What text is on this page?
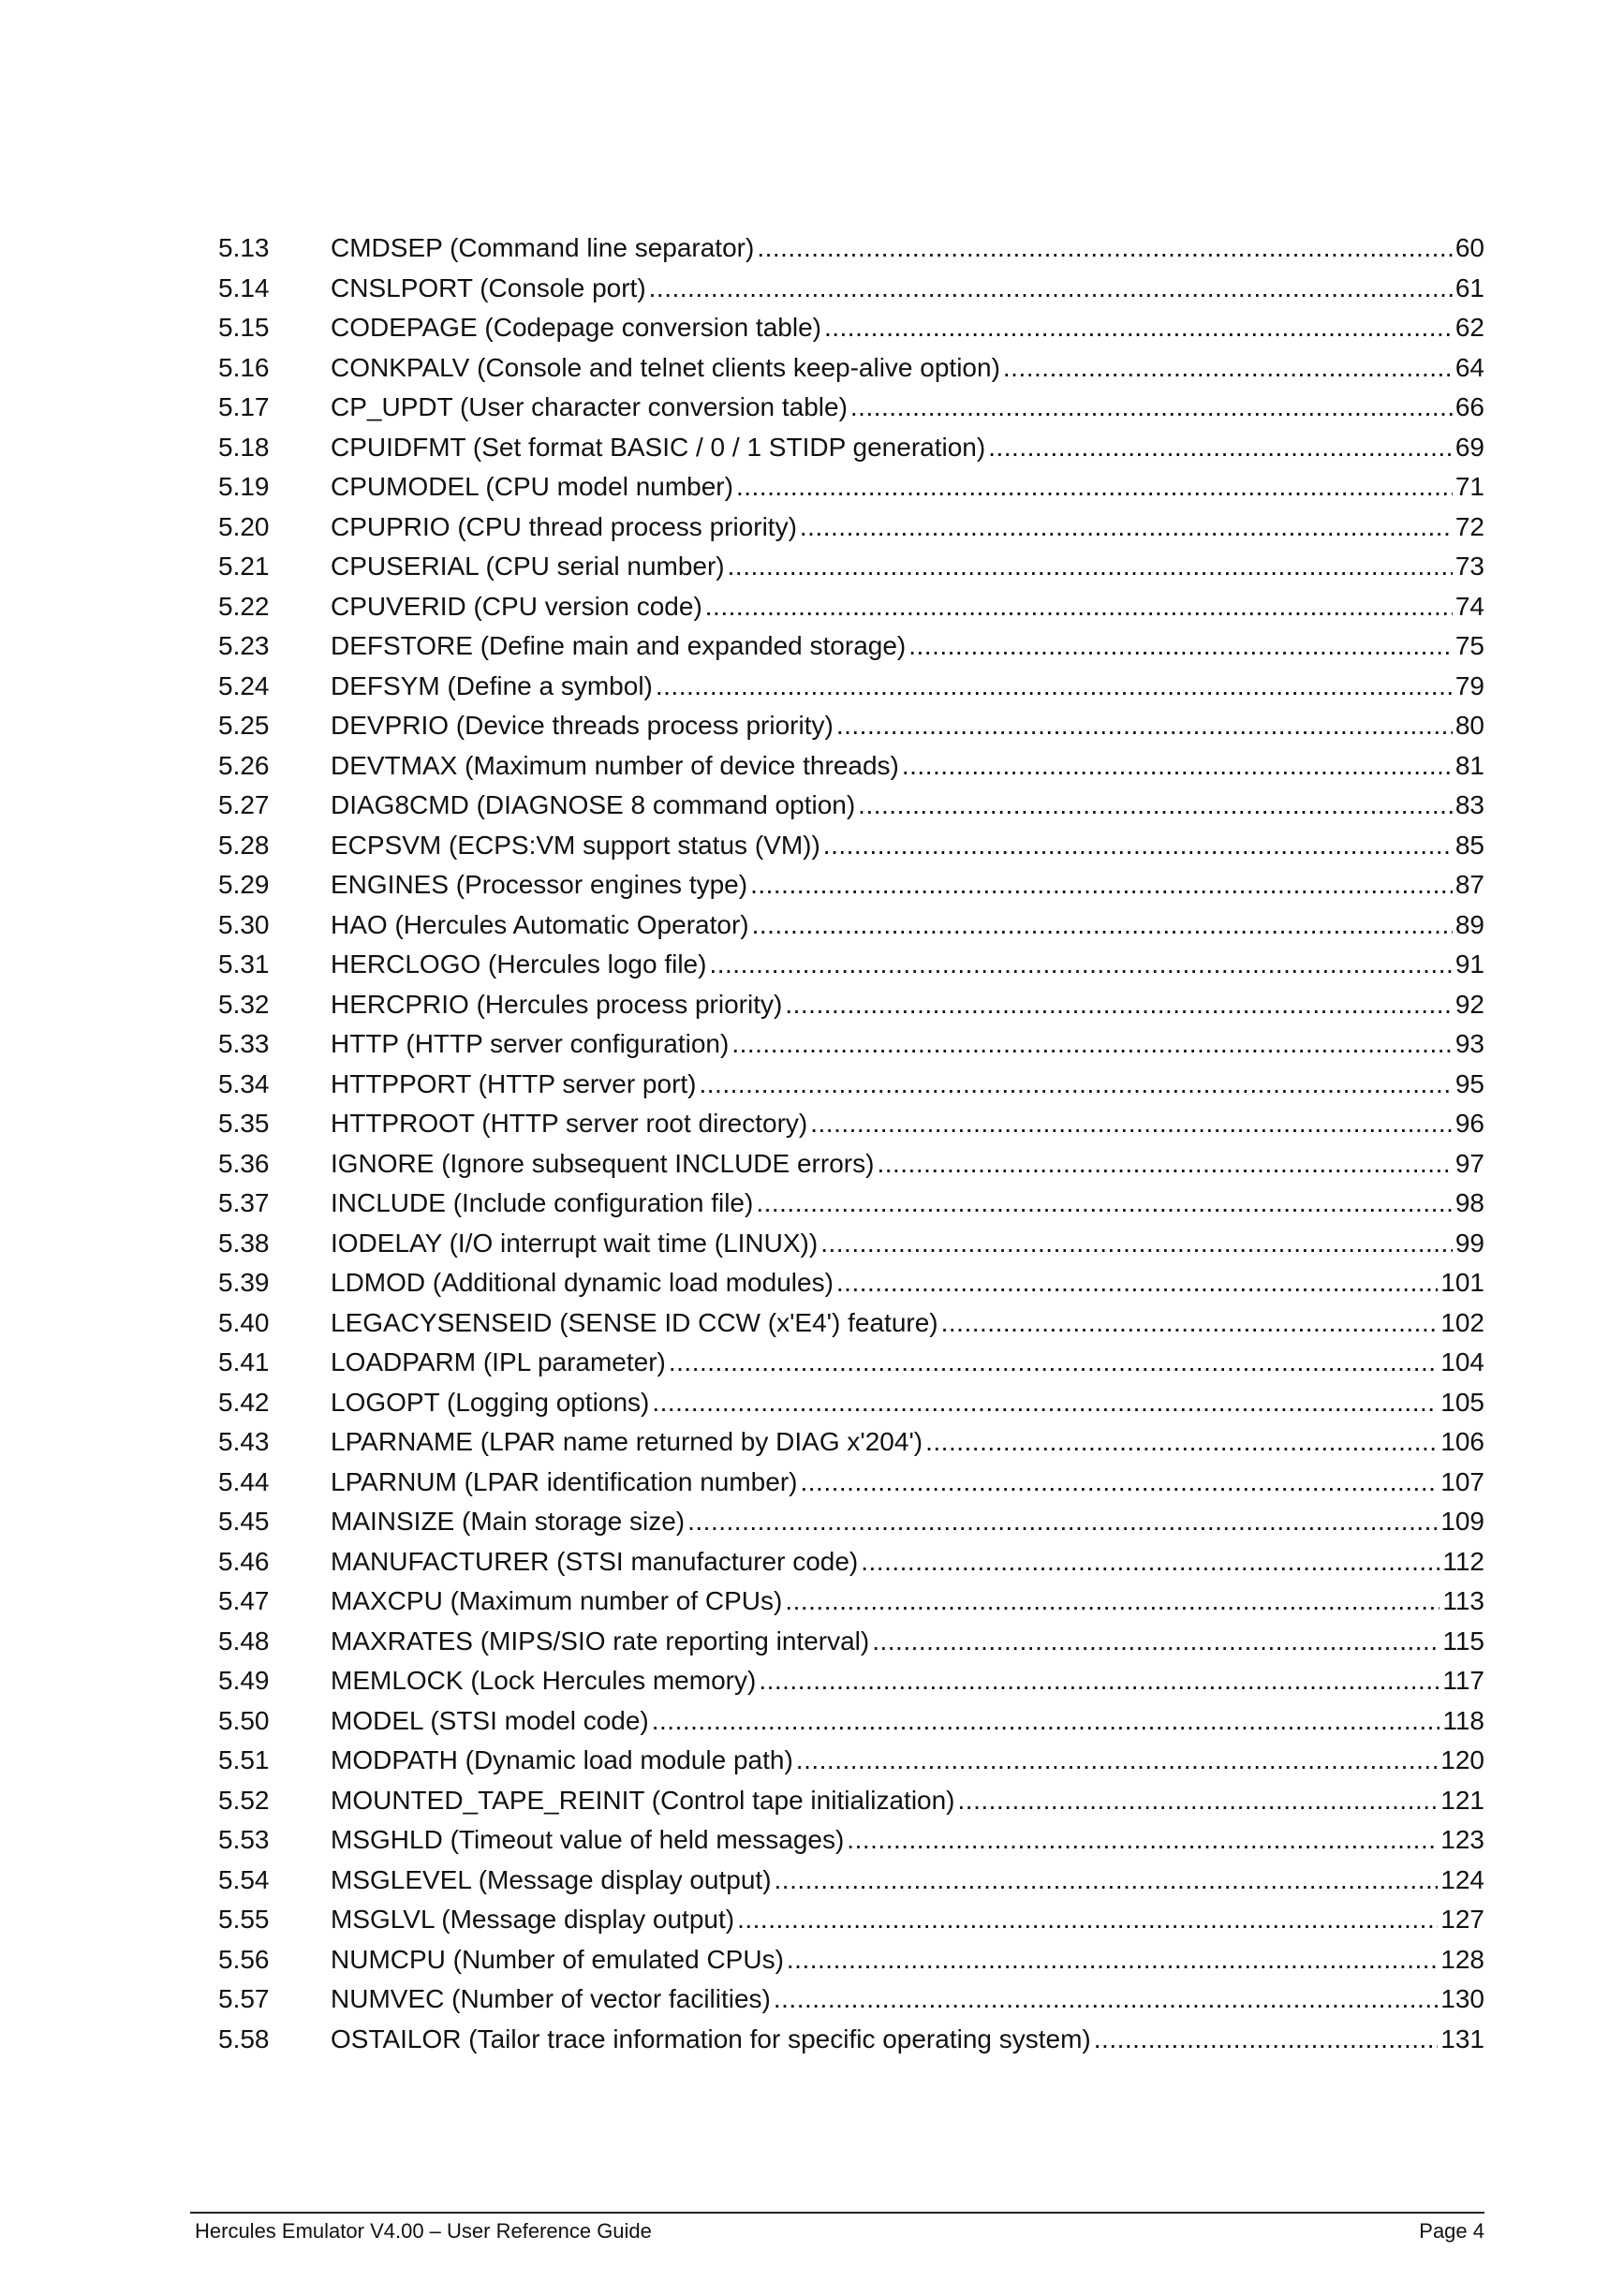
5.13	CMDSEP (Command line separator) .....	60
5.14	CNSLPORT (Console port) .....	61
5.15	CODEPAGE (Codepage conversion table) .....	62
5.16	CONKPALV (Console and telnet clients keep-alive option) .....	64
5.17	CP_UPDT (User character conversion table) .....	66
5.18	CPUIDFMT (Set format BASIC / 0 / 1 STIDP generation) .....	69
5.19	CPUMODEL (CPU model number) .....	71
5.20	CPUPRIO (CPU thread process priority) .....	72
5.21	CPUSERIAL (CPU serial number) .....	73
5.22	CPUVERID (CPU version code) .....	74
5.23	DEFSTORE (Define main and expanded storage) .....	75
5.24	DEFSYM (Define a symbol) .....	79
5.25	DEVPRIO (Device threads process priority) .....	80
5.26	DEVTMAX (Maximum number of device threads) .....	81
5.27	DIAG8CMD (DIAGNOSE 8 command option) .....	83
5.28	ECPSVM (ECPS:VM support status (VM)) .....	85
5.29	ENGINES (Processor engines type) .....	87
5.30	HAO (Hercules Automatic Operator) .....	89
5.31	HERCLOGO (Hercules logo file) .....	91
5.32	HERCPRIO (Hercules process priority) .....	92
5.33	HTTP (HTTP server configuration) .....	93
5.34	HTTPPORT (HTTP server port) .....	95
5.35	HTTPROOT (HTTP server root directory) .....	96
5.36	IGNORE (Ignore subsequent INCLUDE errors) .....	97
5.37	INCLUDE (Include configuration file) .....	98
5.38	IODELAY (I/O interrupt wait time (LINUX)) .....	99
5.39	LDMOD (Additional dynamic load modules) .....	101
5.40	LEGACYSENSEID (SENSE ID CCW (x'E4') feature) .....	102
5.41	LOADPARM (IPL parameter) .....	104
5.42	LOGOPT (Logging options) .....	105
5.43	LPARNAME (LPAR name returned by DIAG x'204') .....	106
5.44	LPARNUM (LPAR identification number) .....	107
5.45	MAINSIZE (Main storage size) .....	109
5.46	MANUFACTURER (STSI manufacturer code) .....	112
5.47	MAXCPU (Maximum number of CPUs) .....	113
5.48	MAXRATES (MIPS/SIO rate reporting interval) .....	115
5.49	MEMLOCK (Lock Hercules memory) .....	117
5.50	MODEL (STSI model code) .....	118
5.51	MODPATH (Dynamic load module path) .....	120
5.52	MOUNTED_TAPE_REINIT (Control tape initialization) .....	121
5.53	MSGHLD (Timeout value of held messages) .....	123
5.54	MSGLEVEL (Message display output) .....	124
5.55	MSGLVL (Message display output) .....	127
5.56	NUMCPU (Number of emulated CPUs) .....	128
5.57	NUMVEC (Number of vector facilities) .....	130
5.58	OSTAILOR (Tailor trace information for specific operating system) .....	131
Hercules Emulator V4.00 – User Reference Guide	Page 4
